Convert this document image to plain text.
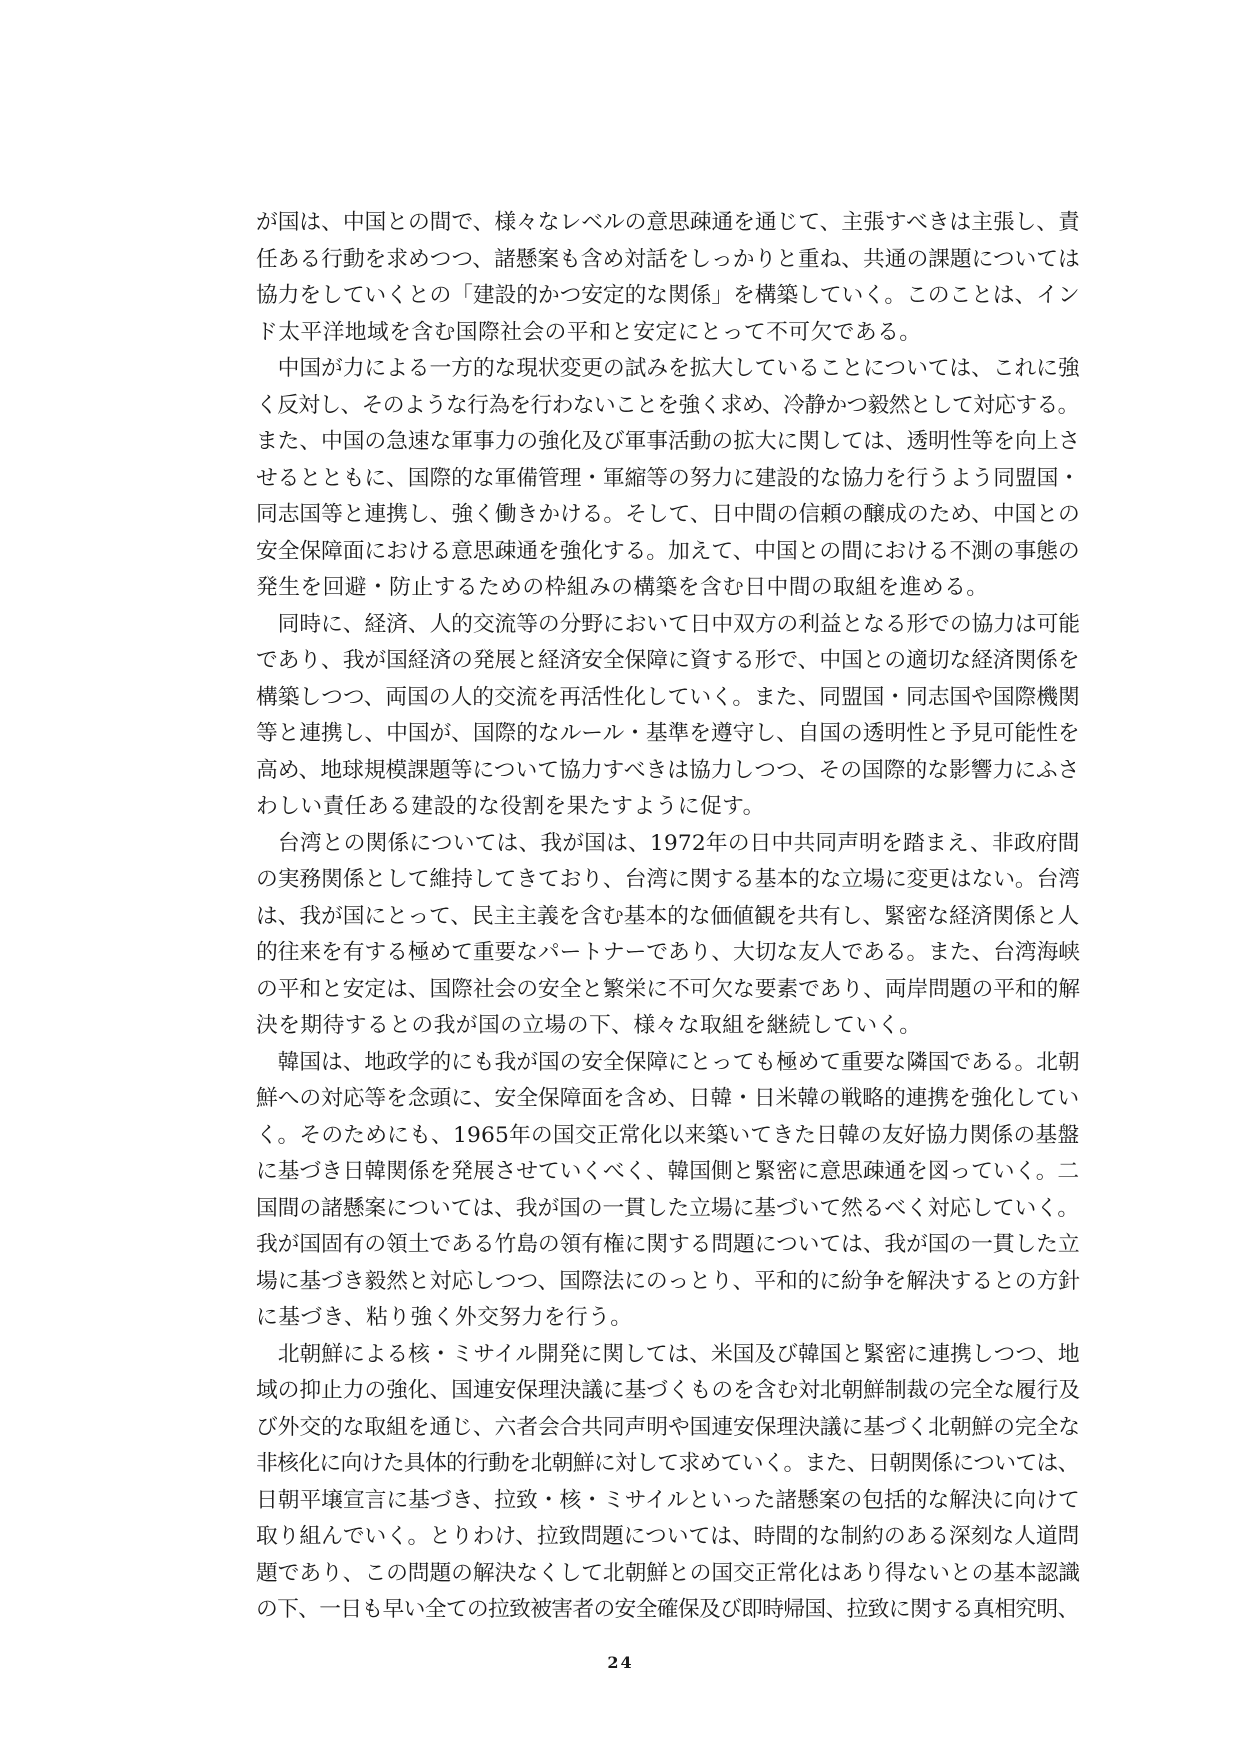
が国は、中国との間で、様々なレベルの意思疎通を通じて、主張すべきは主張し、責
任ある行動を求めつつ、諸懸案も含め対話をしっかりと重ね、共通の課題については
協力をしていくとの「建設的かつ安定的な関係」を構築していく。このことは、イン
ド太平洋地域を含む国際社会の平和と安定にとって不可欠である。
　中国が力による一方的な現状変更の試みを拡大していることについては、これに強
く反対し、そのような行為を行わないことを強く求め、冷静かつ毅然として対応する。
また、中国の急速な軍事力の強化及び軍事活動の拡大に関しては、透明性等を向上さ
せるとともに、国際的な軍備管理・軍縮等の努力に建設的な協力を行うよう同盟国・
同志国等と連携し、強く働きかける。そして、日中間の信頼の醸成のため、中国との
安全保障面における意思疎通を強化する。加えて、中国との間における不測の事態の
発生を回避・防止するための枠組みの構築を含む日中間の取組を進める。
　同時に、経済、人的交流等の分野において日中双方の利益となる形での協力は可能
であり、我が国経済の発展と経済安全保障に資する形で、中国との適切な経済関係を
構築しつつ、両国の人的交流を再活性化していく。また、同盟国・同志国や国際機関
等と連携し、中国が、国際的なルール・基準を遵守し、自国の透明性と予見可能性を
高め、地球規模課題等について協力すべきは協力しつつ、その国際的な影響力にふさ
わしい責任ある建設的な役割を果たすように促す。
　台湾との関係については、我が国は、1972年の日中共同声明を踏まえ、非政府間
の実務関係として維持してきており、台湾に関する基本的な立場に変更はない。台湾
は、我が国にとって、民主主義を含む基本的な価値観を共有し、緊密な経済関係と人
的往来を有する極めて重要なパートナーであり、大切な友人である。また、台湾海峡
の平和と安定は、国際社会の安全と繁栄に不可欠な要素であり、両岸問題の平和的解
決を期待するとの我が国の立場の下、様々な取組を継続していく。
　韓国は、地政学的にも我が国の安全保障にとっても極めて重要な隣国である。北朝
鮮への対応等を念頭に、安全保障面を含め、日韓・日米韓の戦略的連携を強化してい
く。そのためにも、1965年の国交正常化以来築いてきた日韓の友好協力関係の基盤
に基づき日韓関係を発展させていくべく、韓国側と緊密に意思疎通を図っていく。二
国間の諸懸案については、我が国の一貫した立場に基づいて然るべく対応していく。
我が国固有の領土である竹島の領有権に関する問題については、我が国の一貫した立
場に基づき毅然と対応しつつ、国際法にのっとり、平和的に紛争を解決するとの方針
に基づき、粘り強く外交努力を行う。
　北朝鮮による核・ミサイル開発に関しては、米国及び韓国と緊密に連携しつつ、地
域の抑止力の強化、国連安保理決議に基づくものを含む対北朝鮮制裁の完全な履行及
び外交的な取組を通じ、六者会合共同声明や国連安保理決議に基づく北朝鮮の完全な
非核化に向けた具体的行動を北朝鮮に対して求めていく。また、日朝関係については、
日朝平壌宣言に基づき、拉致・核・ミサイルといった諸懸案の包括的な解決に向けて
取り組んでいく。とりわけ、拉致問題については、時間的な制約のある深刻な人道問
題であり、この問題の解決なくして北朝鮮との国交正常化はあり得ないとの基本認識
の下、一日も早い全ての拉致被害者の安全確保及び即時帰国、拉致に関する真相究明、
24
